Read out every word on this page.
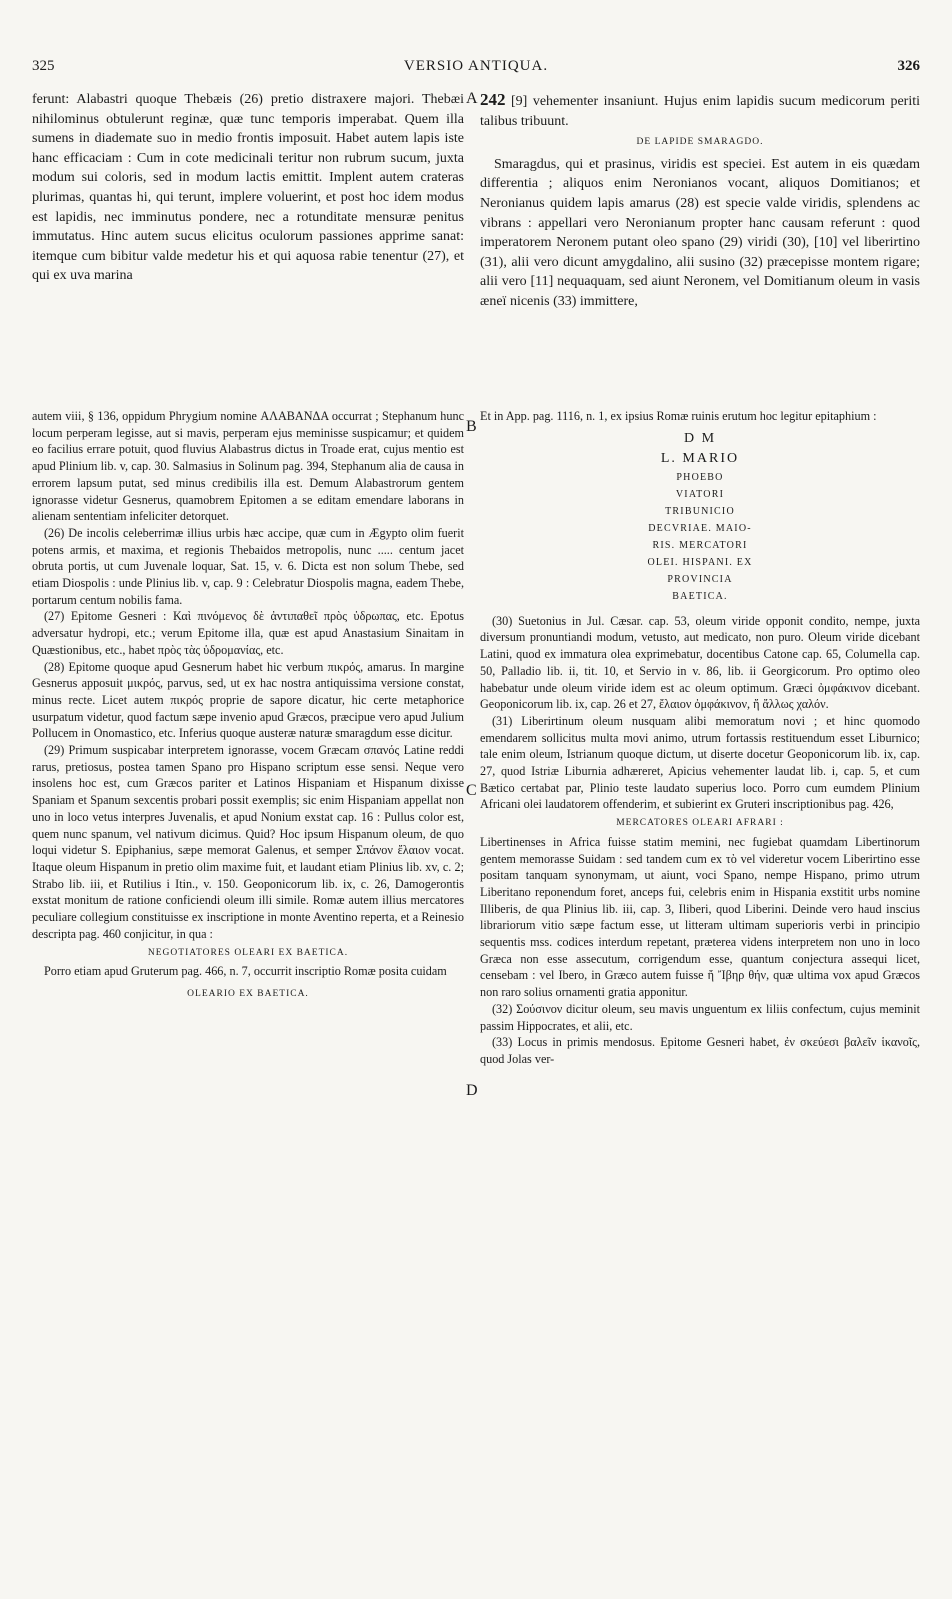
325	VERSIO ANTIQUA.	326

ferunt: Alabastri quoque Thebæis (26) pretio distraxere majori. Thebæi nihilominus obtulerunt reginæ, quæ tunc temporis imperabat. Quem illa sumens in diademate suo in medio frontis imposuit. Habet autem lapis iste hanc efficaciam : Cum in cote medicinali teritur non rubrum sucum, juxta modum sui coloris, sed in modum lactis emittit. Implent autem crateras plurimas, quantas hi, qui terunt, implere voluerint, et post hoc idem modus est lapidis, nec imminutus pondere, nec a rotunditate mensuræ penitus immutatus. Hinc autem sucus elicitus oculorum passiones apprime sanat: itemque cum bibitur valde medetur his et qui aquosa rabie tenentur (27), et qui ex uva marina

A 242 [9] vehementer insaniunt. Hujus enim lapidis sucum medicorum periti talibus tribuunt.

DE LAPIDE SMARAGDO.

Smaragdus, qui et prasinus, viridis est speciei. Est autem in eis quædam differentia ; aliquos enim Neronianos vocant, aliquos Domitianos; et Neronianus quidem lapis amarus (28) est specie valde viridis, splendens ac vibrans : appellari vero Neronianum propter hanc causam referunt : quod imperatorem Neronem putant oleo spano (29) viridi (30), [10] vel liberirtino (31), alii vero dicunt amygdalino, alii susino (32) præcepisse montem rigare; alii vero [11] nequaquam, sed aiunt Neronem, vel Domitianum oleum in vasis æneï nicenis (33) immittere,

autem viii, § 136, oppidum Phrygium nomine ΑΛΑΒΑΝΔΑ occurrat ; Stephanum hunc locum perperam legisse, aut si mavis, perperam ejus meminisse suspicamur; et quidem eo facilius errare potuit, quod fluvius Alabastrus dictus in Troade erat, cujus mentio est apud Plinium lib. v, cap. 30. Salmasius in Solinum pag. 394, Stephanum alia de causa in errorem lapsum putat, sed minus credibilis illa est. Demum Alabastrorum gentem ignorasse videtur Gesnerus, quamobrem Epitomen a se editam emendare laborans in alienam sententiam infeliciter detorquet.

(26) De incolis celeberrimæ illius urbis hæc accipe, quæ cum in Ægypto olim fuerit potens armis, et maxima, et regionis Thebaidos metropolis, nunc ..... centum jacet obruta portis, ut cum Juvenale loquar, Sat. 15, v. 6. Dicta est non solum Thebe, sed etiam Diospolis : unde Plinius lib. v, cap. 9 : Celebratur Diospolis magna, eadem Thebe, portarum centum nobilis fama.

(27) Epitome Gesneri : Καὶ πινόμενος δὲ ἀντιπαθεῖ πρὸς ὑδρωπας, etc. Epotus adversatur hydropi, etc.; verum Epitome illa, quæ est apud Anastasium Sinaitam in Quæstionibus, etc., habet πρὸς τὰς ὑδρομανίας, etc.

(28) Epitome quoque apud Gesnerum habet hic verbum πικρός, amarus. In margine Gesnerus apposuit μικρός, parvus, sed, ut ex hac nostra antiquissima versione constat, minus recte. Licet autem πικρός proprie de sapore dicatur, hic certe metaphorice usurpatum videtur, quod factum sæpe invenio apud Græcos, præcipue vero apud Julium Pollucem in Onomastico, etc. Inferius quoque austeræ naturæ smaragdum esse dicitur.

(29) Primum suspicabar interpretem ignorasse, vocem Græcam σπανός Latine reddi rarus, pretiosus, postea tamen Spano pro Hispano scriptum esse sensi. Neque vero insolens hoc est, cum Græcos pariter et Latinos Hispaniam et Hispanum dixisse Spaniam et Spanum sexcentis probari possit exemplis; sic enim Hispaniam appellat non uno in loco vetus interpres Juvenalis, et apud Nonium exstat cap. 16 : Pullus color est, quem nunc spanum, vel nativum dicimus. Quid? Hoc ipsum Hispanum oleum, de quo loqui videtur S. Epiphanius, sæpe memorat Galenus, et semper Σπάνον ἔλαιον vocat. Itaque oleum Hispanum in pretio olim maxime fuit, et laudant etiam Plinius lib. xv, c. 2; Strabo lib. iii, et Rutilius i Itin., v. 150. Geoponicorum lib. ix, c. 26, Damogerontis exstat monitum de ratione conficiendi oleum illi simile. Romæ autem illius mercatores peculiare collegium constituisse ex inscriptione in monte Aventino reperta, et a Reinesio descripta pag. 460 conjicitur, in qua :

NEGOTIATORES OLEARI EX BAETICA.

Porro etiam apud Gruterum pag. 466, n. 7, occurrit inscriptio Romæ posita cuidam

OLEARIO EX BAETICA.
B
C
D

Et in App. pag. 1116, n. 1, ex ipsius Romæ ruinis erutum hoc legitur epitaphium :

D M
L. MARIO
PHOEBO
VIATORI
TRIBUNICIO
DECVRIAE. MAIO-
RIS. MERCATORI
OLEI. HISPANI. EX
PROVINCIA
BAETICA.

(30) Suetonius in Jul. Cæsar. cap. 53, oleum viride opponit condito, nempe, juxta diversum pronuntiandi modum, vetusto, aut medicato, non puro. Oleum viride dicebant Latini, quod ex immatura olea exprimebatur, docentibus Catone cap. 65, Columella cap. 50, Palladio lib. ii, tit. 10, et Servio in v. 86, lib. ii Georgicorum. Pro optimo oleo habebatur unde oleum viride idem est ac oleum optimum. Græci ὀμφάκινον dicebant. Geoponicorum lib. ix, cap. 26 et 27, ἔλαιον ὀμφάκινον, ἤ ἄλλως χαλόν.

(31) Liberirtinum oleum nusquam alibi memoratum novi ; et hinc quomodo emendarem sollicitus multa movi animo, utrum fortassis restituendum esset Liburnico; tale enim oleum, Istrianum quoque dictum, ut diserte docetur Geoponicorum lib. ix, cap. 27, quod Istriæ Liburnia adhæreret, Apicius vehementer laudat lib. i, cap. 5, et cum Bætico certabat par, Plinio teste laudato superius loco. Porro cum eumdem Plinium Africani olei laudatorem offenderim, et subierint ex Gruteri inscriptionibus pag. 426,

MERCATORES OLEARI AFRARI :

Libertinenses in Africa fuisse statim memini, nec fugiebat quamdam Libertinorum gentem memorasse Suidam : sed tandem cum ex τὸ vel videretur vocem Liberirtino esse positam tanquam synonymam, ut aiunt, voci Spano, nempe Hispano, primo utrum Liberitano reponendum foret, anceps fui, celebris enim in Hispania exstitit urbs nomine Illiberis, de qua Plinius lib. iii, cap. 3, Iliberi, quod Liberini. Deinde vero haud inscius librariorum vitio sæpe factum esse, ut litteram ultimam superioris verbi in principio sequentis mss. codices interdum repetant, præterea videns interpretem non uno in loco Græca non esse assecutum, corrigendum esse, quantum conjectura assequi licet, censebam : vel Ibero, in Græco autem fuisse ἤ Ἴβηρ θήν, quæ ultima vox apud Græcos non raro solius ornamenti gratia apponitur.

(32) Σούσινον dicitur oleum, seu mavis unguentum ex liliis confectum, cujus meminit passim Hippocrates, et alii, etc.

(33) Locus in primis mendosus. Epitome Gesneri habet, ἐν σκεύεσι βαλεῖν ἱκανοῖς, quod Jolas ver-
